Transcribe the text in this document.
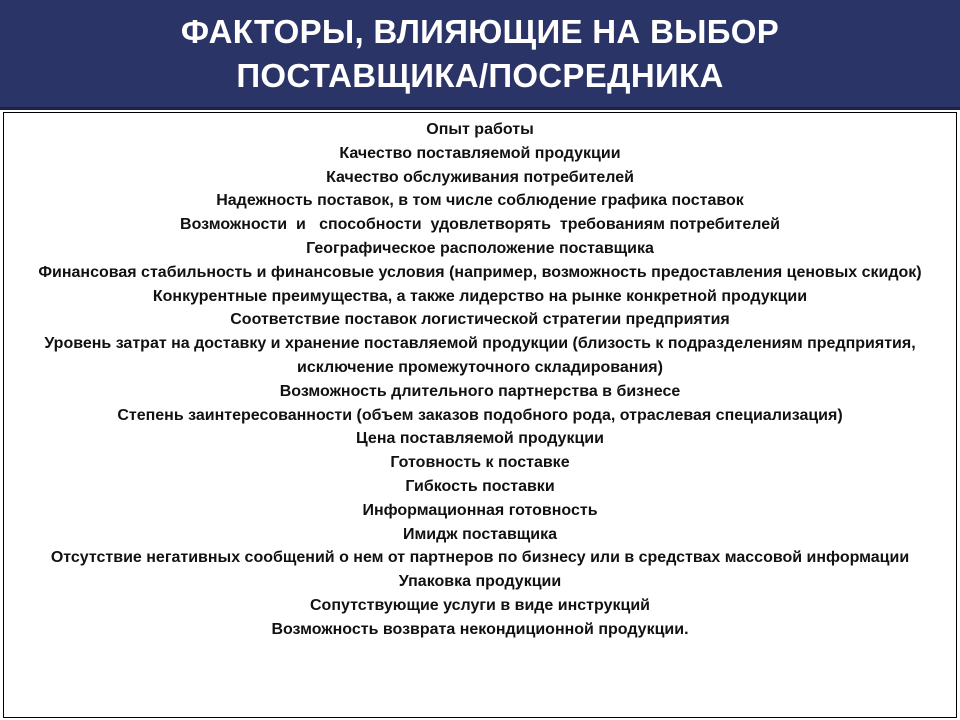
ФАКТОРЫ, ВЛИЯЮЩИЕ НА ВЫБОР
ПОСТАВЩИКА/ПОСРЕДНИКА
Опыт работы
Качество поставляемой продукции
Качество обслуживания потребителей
Надежность поставок, в том числе соблюдение графика поставок
Возможности  и   способности  удовлетворять  требованиям потребителей
Географическое расположение поставщика
Финансовая стабильность и финансовые условия (например, возможность предоставления ценовых скидок)
Конкурентные преимущества, а также лидерство на рынке конкретной продукции
Соответствие поставок логистической стратегии предприятия
Уровень затрат на доставку и хранение поставляемой продукции (близость к подразделениям предприятия, исключение промежуточного складирования)
Возможность длительного партнерства в бизнесе
Степень заинтересованности (объем заказов подобного рода, отраслевая специализация)
Цена поставляемой продукции
Готовность к поставке
Гибкость поставки
Информационная готовность
Имидж поставщика
Отсутствие негативных сообщений о нем от партнеров по бизнесу или в средствах массовой информации
Упаковка продукции
Сопутствующие услуги в виде инструкций
Возможность возврата некондиционной продукции.
